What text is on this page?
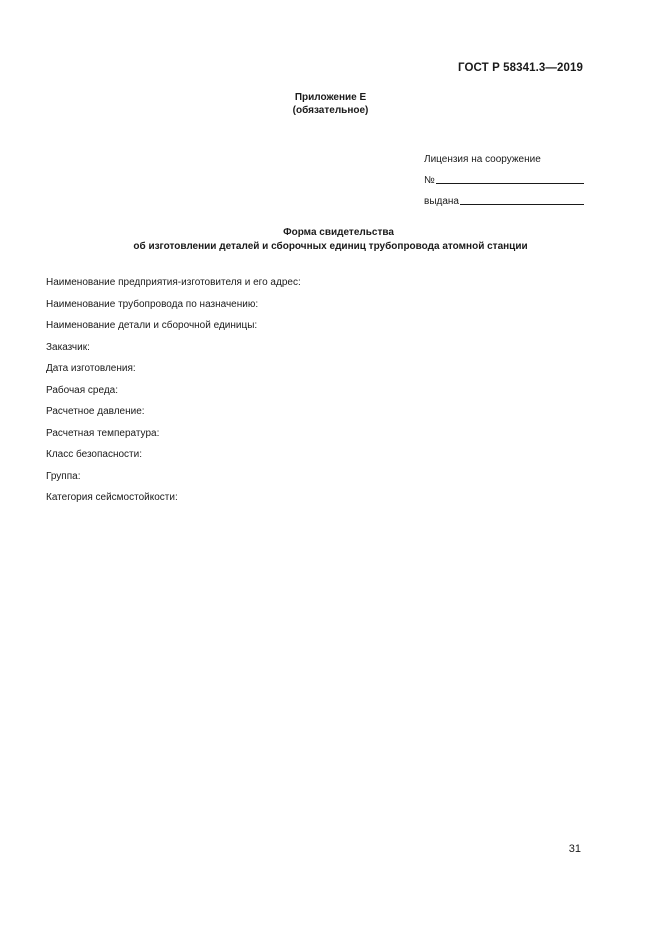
ГОСТ Р 58341.3—2019
Приложение Е
(обязательное)
Лицензия на сооружение
№
выдана
Форма свидетельства
об изготовлении деталей и сборочных единиц трубопровода атомной станции
Наименование предприятия-изготовителя и его адрес:
Наименование трубопровода по назначению:
Наименование детали и сборочной единицы:
Заказчик:
Дата изготовления:
Рабочая среда:
Расчетное давление:
Расчетная температура:
Класс безопасности:
Группа:
Категория сейсмостойкости:
31
